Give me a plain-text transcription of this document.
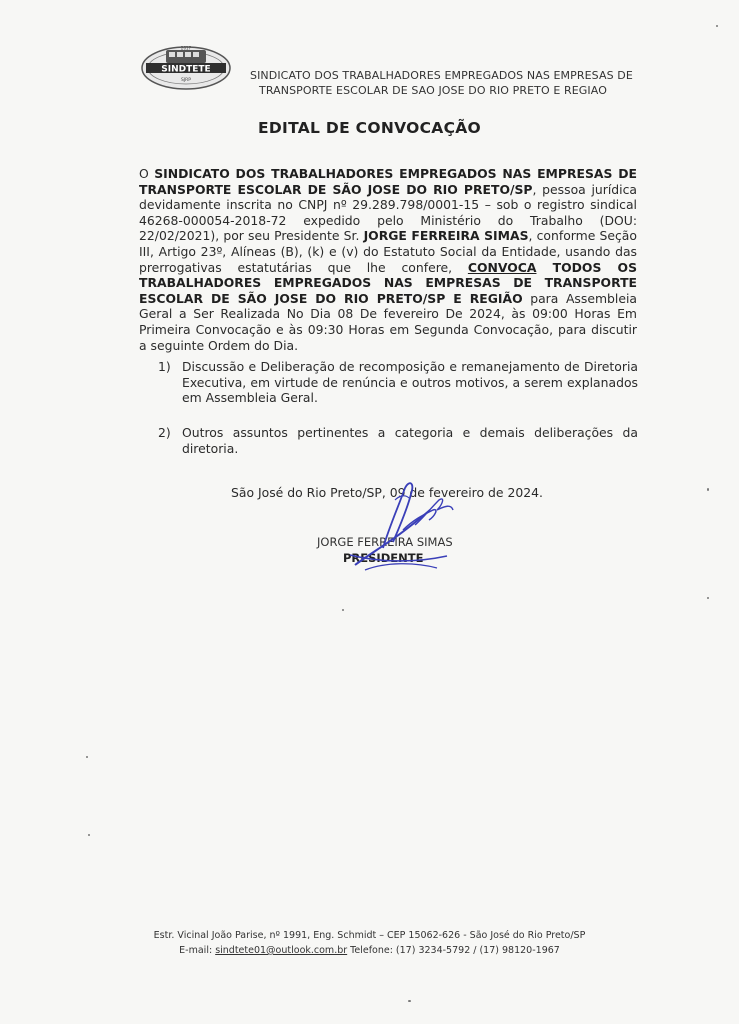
2017
SINDTETE
SJRP	SINDICATO DOS TRABALHADORES EMPREGADOS NAS EMPRESAS DE
TRANSPORTE ESCOLAR DE SAO JOSE DO RIO PRETO E REGIAO
EDITAL DE CONVOCAÇÃO
O SINDICATO DOS TRABALHADORES EMPREGADOS NAS EMPRESAS DE TRANSPORTE ESCOLAR DE SÃO JOSE DO RIO PRETO/SP, pessoa jurídica devidamente inscrita no CNPJ nº 29.289.798/0001-15 – sob o registro sindical 46268-000054-2018-72 expedido pelo Ministério do Trabalho (DOU: 22/02/2021), por seu Presidente Sr. JORGE FERREIRA SIMAS, conforme Seção III, Artigo 23º, Alíneas (B), (k) e (v) do Estatuto Social da Entidade, usando das prerrogativas estatutárias que lhe confere, CONVOCA TODOS OS TRABALHADORES EMPREGADOS NAS EMPRESAS DE TRANSPORTE ESCOLAR DE SÃO JOSE DO RIO PRETO/SP E REGIÃO para Assembleia Geral a Ser Realizada No Dia 08 De fevereiro De 2024, às 09:00 Horas Em Primeira Convocação e às 09:30 Horas em Segunda Convocação, para discutir a seguinte Ordem do Dia.
1) Discussão e Deliberação de recomposição e remanejamento de Diretoria Executiva, em virtude de renúncia e outros motivos, a serem explanados em Assembleia Geral.
2) Outros assuntos pertinentes a categoria e demais deliberações da diretoria.
São José do Rio Preto/SP, 09 de fevereiro de 2024.
JORGE FERREIRA SIMAS
PRESIDENTE
Estr. Vicinal João Parise, nº 1991, Eng. Schmidt – CEP 15062-626 - São José do Rio Preto/SP
E-mail: sindtete01@outlook.com.br Telefone: (17) 3234-5792 / (17) 98120-1967
